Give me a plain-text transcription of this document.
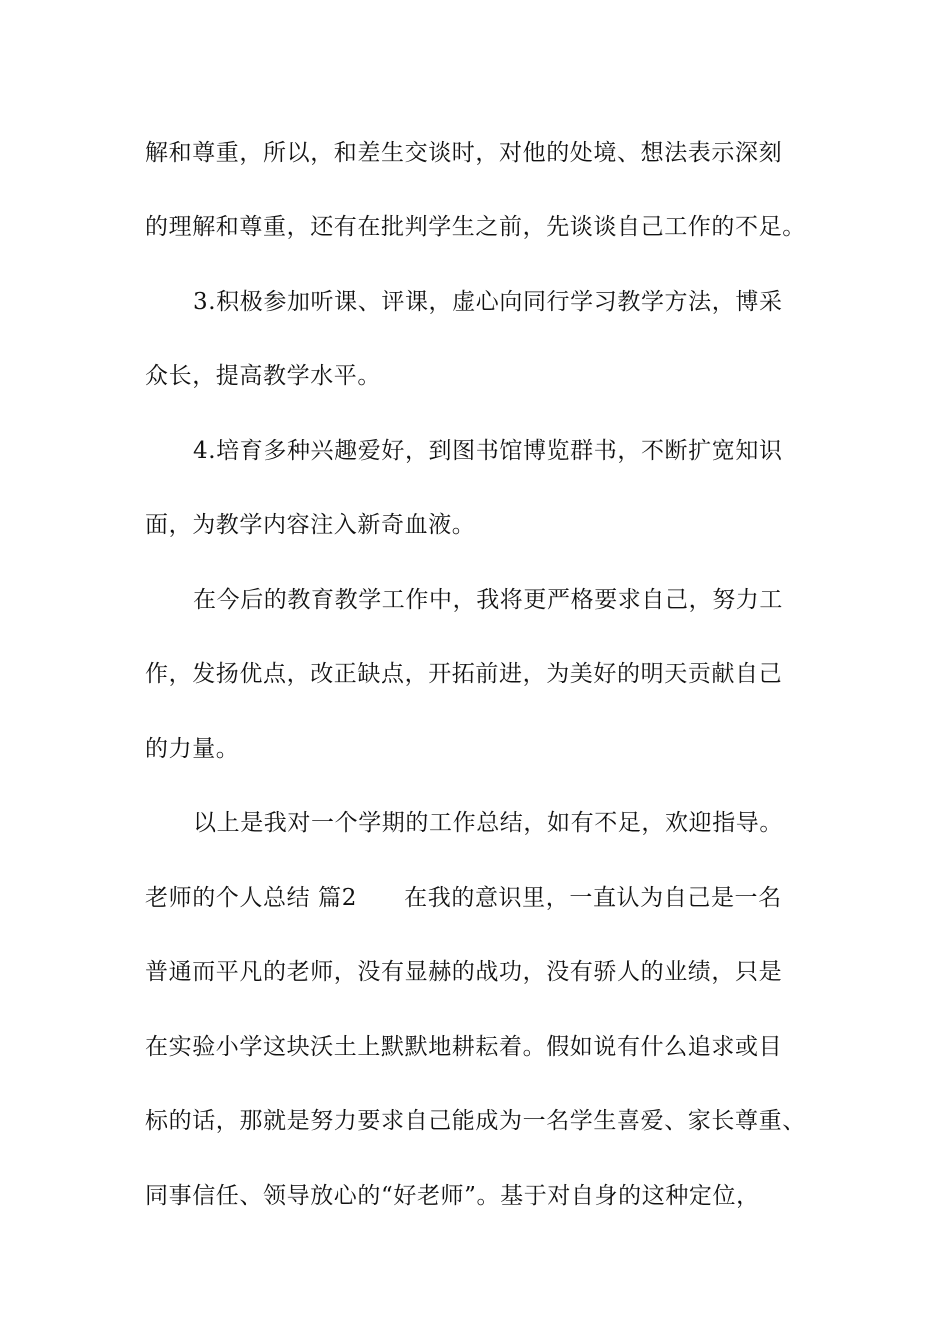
解和尊重，所以，和差生交谈时，对他的处境、想法表示深刻
的理解和尊重，还有在批判学生之前，先谈谈自己工作的不足。
3.积极参加听课、评课，虚心向同行学习教学方法，博采
众长，提高教学水平。
4.培育多种兴趣爱好，到图书馆博览群书，不断扩宽知识
面，为教学内容注入新奇血液。
在今后的教育教学工作中，我将更严格要求自己，努力工
作，发扬优点，改正缺点，开拓前进，为美好的明天贡献自己
的力量。
以上是我对一个学期的工作总结，如有不足，欢迎指导。
老师的个人总结 篇2　　在我的意识里，一直认为自己是一名
普通而平凡的老师，没有显赫的战功，没有骄人的业绩，只是
在实验小学这块沃土上默默地耕耘着。假如说有什么追求或目
标的话，那就是努力要求自己能成为一名学生喜爱、家长尊重、
同事信任、领导放心的“好老师”。基于对自身的这种定位，
